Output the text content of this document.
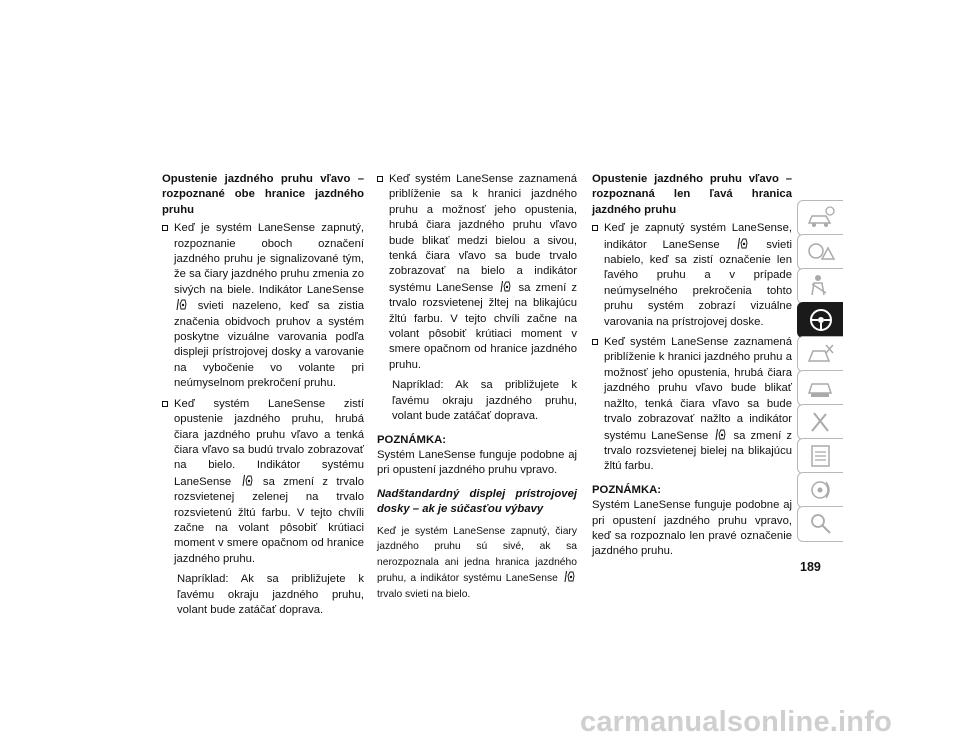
Opustenie jazdného pruhu vľavo – rozpoznané obe hranice jazdného pruhu

Keď je systém LaneSense zapnutý, rozpoznanie oboch označení jazdného pruhu je signalizované tým, že sa čiary jazdného pruhu zmenia zo sivých na biele. Indikátor LaneSense  svieti nazeleno, keď sa zistia značenia obidvoch pruhov a systém poskytne vizuálne varovania podľa displeji prístrojovej dosky a varovanie na vybočenie vo volante pri neúmyselnom prekročení pruhu.
Keď systém LaneSense zistí opustenie jazdného pruhu, hrubá čiara jazdného pruhu vľavo a tenká čiara vľavo sa budú trvalo zobrazovať na bielo. Indikátor systému LaneSense	sa zmení z trvalo rozsvietenej zelenej na trvalo rozsvietenú žltú farbu. V tejto chvíli začne na volant pôsobiť krútiaci moment v smere opačnom od hranice jazdného pruhu.

Napríklad: Ak sa približujete k ľavému okraju jazdného pruhu, volant bude zatáčať doprava.

Keď systém LaneSense zaznamená priblíženie sa k hranici jazdného pruhu a možnosť jeho opustenia, hrubá čiara jazdného pruhu vľavo bude blikať medzi bielou a sivou, tenká čiara vľavo sa bude trvalo zobrazovať na bielo a indikátor systému LaneSense sa zmení z trvalo rozsvietenej žltej na blikajúcu žltú farbu. V tejto chvíli začne na volant pôsobiť krútiaci moment v smere opačnom od hranice jazdného pruhu.

Napríklad: Ak sa približujete k ľavému okraju jazdného pruhu, volant bude zatáčať doprava.

POZNÁMKA:

Systém LaneSense funguje podobne aj pri opustení jazdného pruhu vpravo.

Nadštandardný displej prístrojovej dosky – ak je súčasťou výbavy

Keď je systém LaneSense zapnutý, čiary jazdného pruhu sú sivé, ak sa nerozpoznala ani jedna hranica jazdného pruhu, a indikátor systému LaneSense  trvalo svieti na bielo.

Opustenie jazdného pruhu vľavo – rozpoznaná len ľavá hranica jazdného pruhu

Keď je zapnutý systém LaneSense, indikátor LaneSense	svieti nabielo, keď sa zistí označenie len ľavého pruhu a v prípade neúmyselného prekročenia tohto pruhu systém zobrazí vizuálne varovania na prístrojovej doske.
Keď systém LaneSense zaznamená priblíženie k hranici jazdného pruhu a možnosť jeho opustenia, hrubá čiara jazdného pruhu vľavo bude blikať nažlto, tenká čiara vľavo sa bude trvalo zobrazovať nažlto a indikátor systému LaneSense sa zmení z trvalo rozsvietenej bielej na blikajúcu žltú farbu.

POZNÁMKA:

Systém LaneSense funguje podobne aj pri opustení jazdného pruhu vpravo, keď sa rozpoznalo len pravé označenie jazdného pruhu.

189
carmanualsonline.info
